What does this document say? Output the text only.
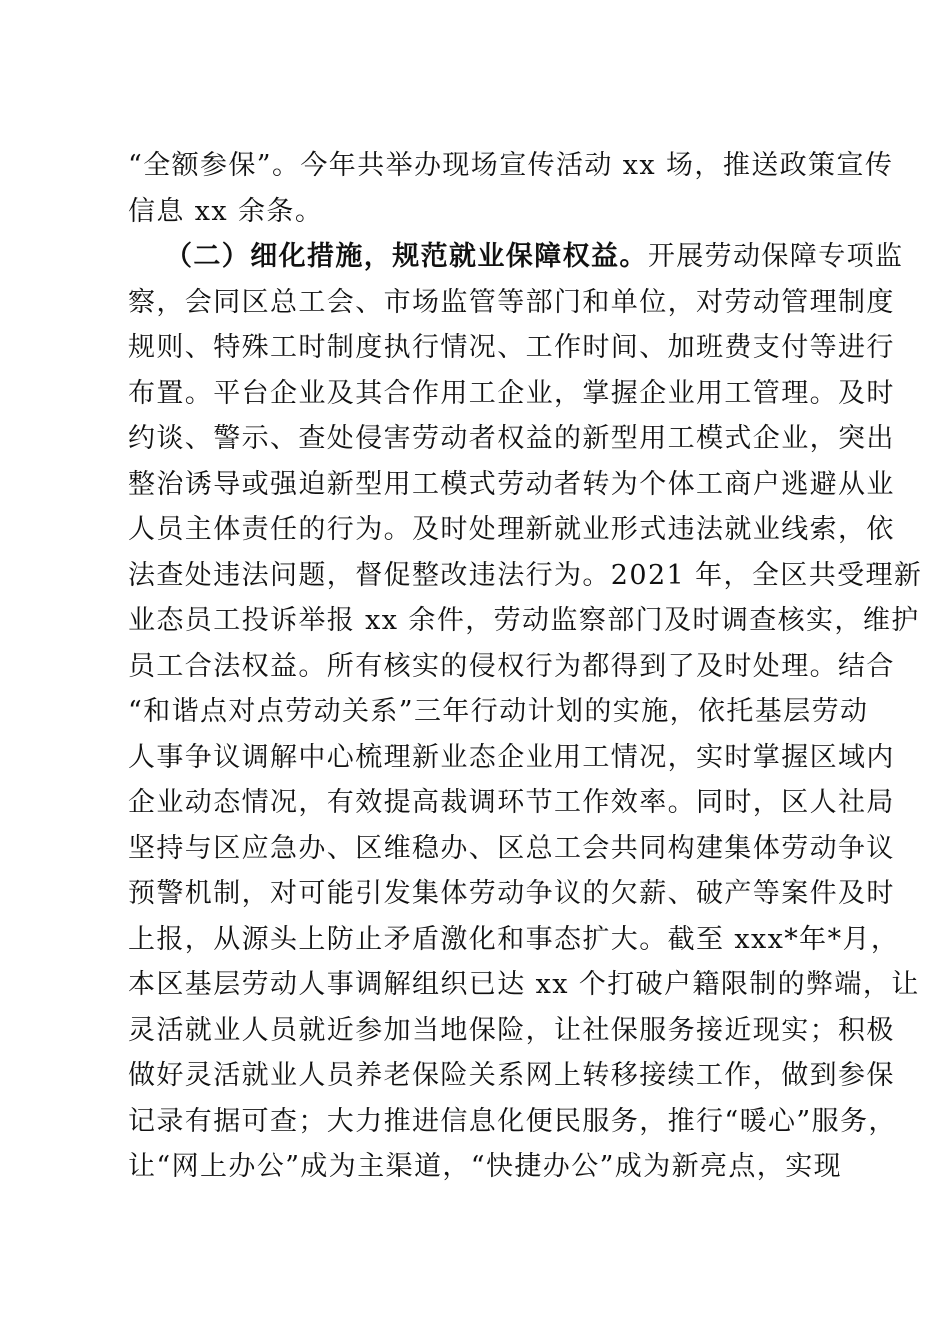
“全额参保”。今年共举办现场宣传活动 xx 场，推送政策宣传
信息 xx 余条。
（二）细化措施，规范就业保障权益。开展劳动保障专项监
察，会同区总工会、市场监管等部门和单位，对劳动管理制度
规则、特殊工时制度执行情况、工作时间、加班费支付等进行
布置。平台企业及其合作用工企业，掌握企业用工管理。及时
约谈、警示、查处侵害劳动者权益的新型用工模式企业，突出
整治诱导或强迫新型用工模式劳动者转为个体工商户逃避从业
人员主体责任的行为。及时处理新就业形式违法就业线索，依
法查处违法问题，督促整改违法行为。2021 年，全区共受理新
业态员工投诉举报 xx 余件，劳动监察部门及时调查核实，维护
员工合法权益。所有核实的侵权行为都得到了及时处理。结合
“和谐点对点劳动关系”三年行动计划的实施，依托基层劳动
人事争议调解中心梳理新业态企业用工情况，实时掌握区域内
企业动态情况，有效提高裁调环节工作效率。同时，区人社局
坚持与区应急办、区维稳办、区总工会共同构建集体劳动争议
预警机制，对可能引发集体劳动争议的欠薪、破产等案件及时
上报，从源头上防止矛盾激化和事态扩大。截至 xxx*年*月，
本区基层劳动人事调解组织已达 xx 个打破户籍限制的弊端，让
灵活就业人员就近参加当地保险，让社保服务接近现实；积极
做好灵活就业人员养老保险关系网上转移接续工作，做到参保
记录有据可查；大力推进信息化便民服务，推行“暖心”服务，
让“网上办公”成为主渠道，“快捷办公”成为新亮点，实现
